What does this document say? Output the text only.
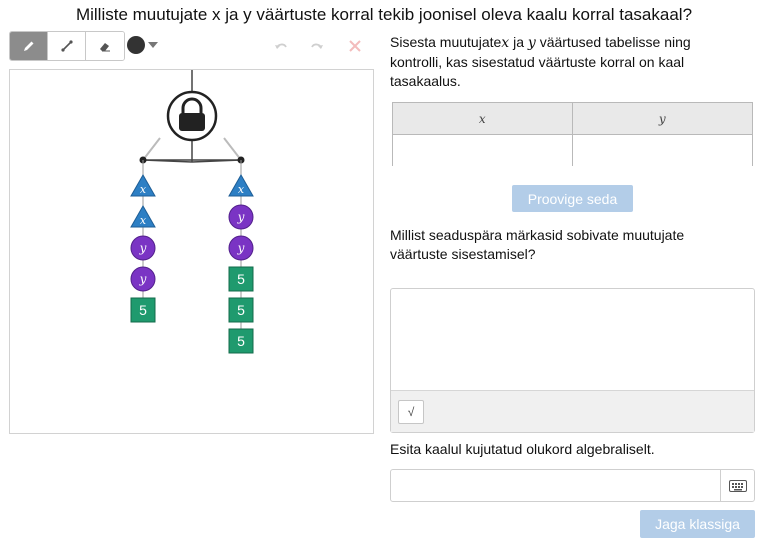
Milliste muutujate x ja y väärtuste korral tekib joonisel oleva kaalu korral tasakaal?
x
x
y
y
5
x
y
y
5
5
5
Sisesta muutujatex ja y väärtused tabelisse ning kontrolli, kas sisestatud väärtuste korral on kaal tasakaalus.
x	y
Proovige seda
Millist seaduspära märkasid sobivate muutujate väärtuste sisestamisel?
√
Esita kaalul kujutatud olukord algebraliselt.
Jaga klassiga
